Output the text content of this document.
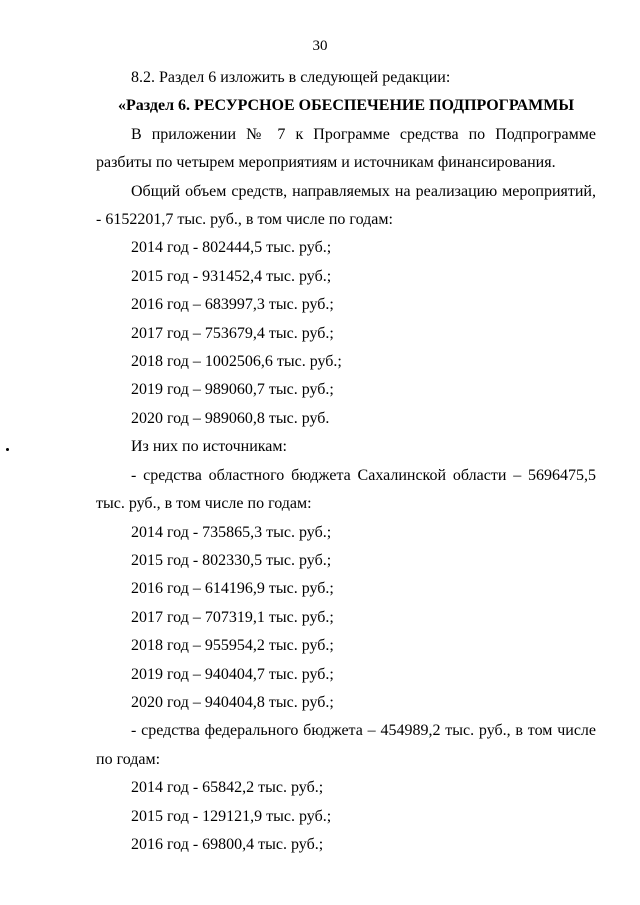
30

8.2. Раздел 6 изложить в следующей редакции:

«Раздел 6. РЕСУРСНОЕ ОБЕСПЕЧЕНИЕ ПОДПРОГРАММЫ

В приложении № 7 к Программе средства по Подпрограмме разбиты по четырем мероприятиям и источникам финансирования.

Общий объем средств, направляемых на реализацию мероприятий, - 6152201,7 тыс. руб., в том числе по годам:

2014 год - 802444,5 тыс. руб.;

2015 год - 931452,4 тыс. руб.;

2016 год – 683997,3 тыс. руб.;

2017 год – 753679,4 тыс. руб.;

2018 год – 1002506,6 тыс. руб.;

2019 год – 989060,7 тыс. руб.;

2020 год – 989060,8 тыс. руб.

Из них по источникам:

- средства областного бюджета Сахалинской области – 5696475,5 тыс. руб., в том числе по годам:

2014 год - 735865,3 тыс. руб.;

2015 год - 802330,5 тыс. руб.;

2016 год – 614196,9 тыс. руб.;

2017 год – 707319,1 тыс. руб.;

2018 год – 955954,2 тыс. руб.;

2019 год – 940404,7 тыс. руб.;

2020 год – 940404,8 тыс. руб.;

- средства федерального бюджета – 454989,2 тыс. руб., в том числе по годам:

2014 год - 65842,2 тыс. руб.;

2015 год - 129121,9 тыс. руб.;

2016 год - 69800,4 тыс. руб.;
